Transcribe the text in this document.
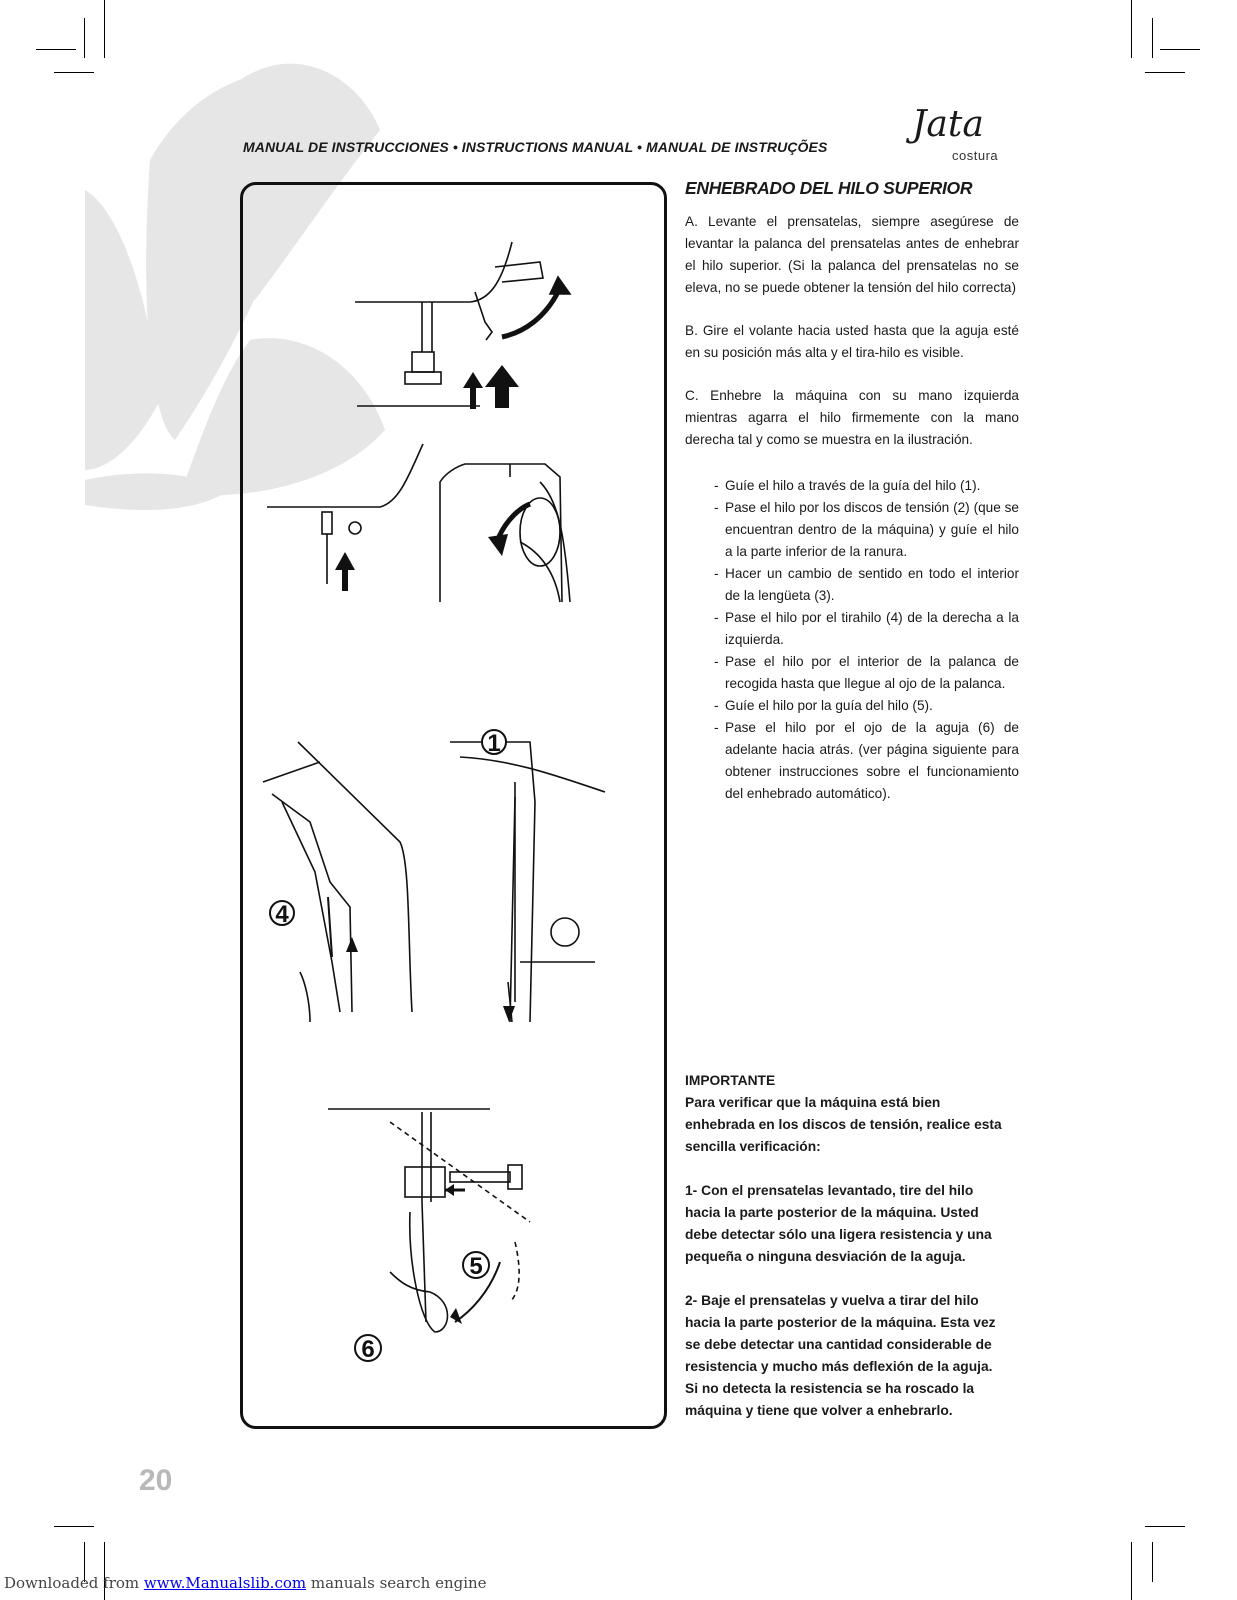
MANUAL DE INSTRUCCIONES • INSTRUCTIONS MANUAL • MANUAL DE INSTRUÇÕES
Jata
costura
1
4
5
6
ENHEBRADO DEL HILO SUPERIOR

A. Levante el prensatelas, siempre asegúrese de levantar la palanca del prensatelas antes de enhebrar el hilo superior. (Si la palanca del prensatelas no se eleva, no se puede obtener la tensión del hilo correcta)

B. Gire el volante hacia usted hasta que la aguja esté en su posición más alta y el tira-hilo es visible.

C. Enhebre la máquina con su mano izquierda mientras agarra el hilo firmemente con la mano derecha tal y como se muestra en la ilustración.

- Guíe el hilo a través de la guía del hilo (1).
- Pase el hilo por los discos de tensión (2) (que se encuentran dentro de la máquina) y guíe el hilo a la parte inferior de la ranura.
- Hacer un cambio de sentido en todo el interior de la lengüeta (3).
- Pase el hilo por el tirahilo (4) de la derecha a la izquierda.
- Pase el hilo por el interior de la palanca de recogida hasta que llegue al ojo de la palanca.
- Guíe el hilo por la guía del hilo (5).
- Pase el hilo por el ojo de la aguja (6) de adelante hacia atrás. (ver página siguiente para obtener instrucciones sobre el funcionamiento del enhebrado automático).
IMPORTANTE

Para verificar que la máquina está bien enhebrada en los discos de tensión, realice esta sencilla verificación:

1- Con el prensatelas levantado, tire del hilo hacia la parte posterior de la máquina. Usted debe detectar sólo una ligera resistencia y una pequeña o ninguna desviación de la aguja.

2- Baje el prensatelas y vuelva a tirar del hilo hacia la parte posterior de la máquina. Esta vez se debe detectar una cantidad considerable de resistencia y mucho más deflexión de la aguja. Si no detecta la resistencia se ha roscado la máquina y tiene que volver a enhebrarlo.

20
Downloaded from www.Manualslib.com manuals search engine
